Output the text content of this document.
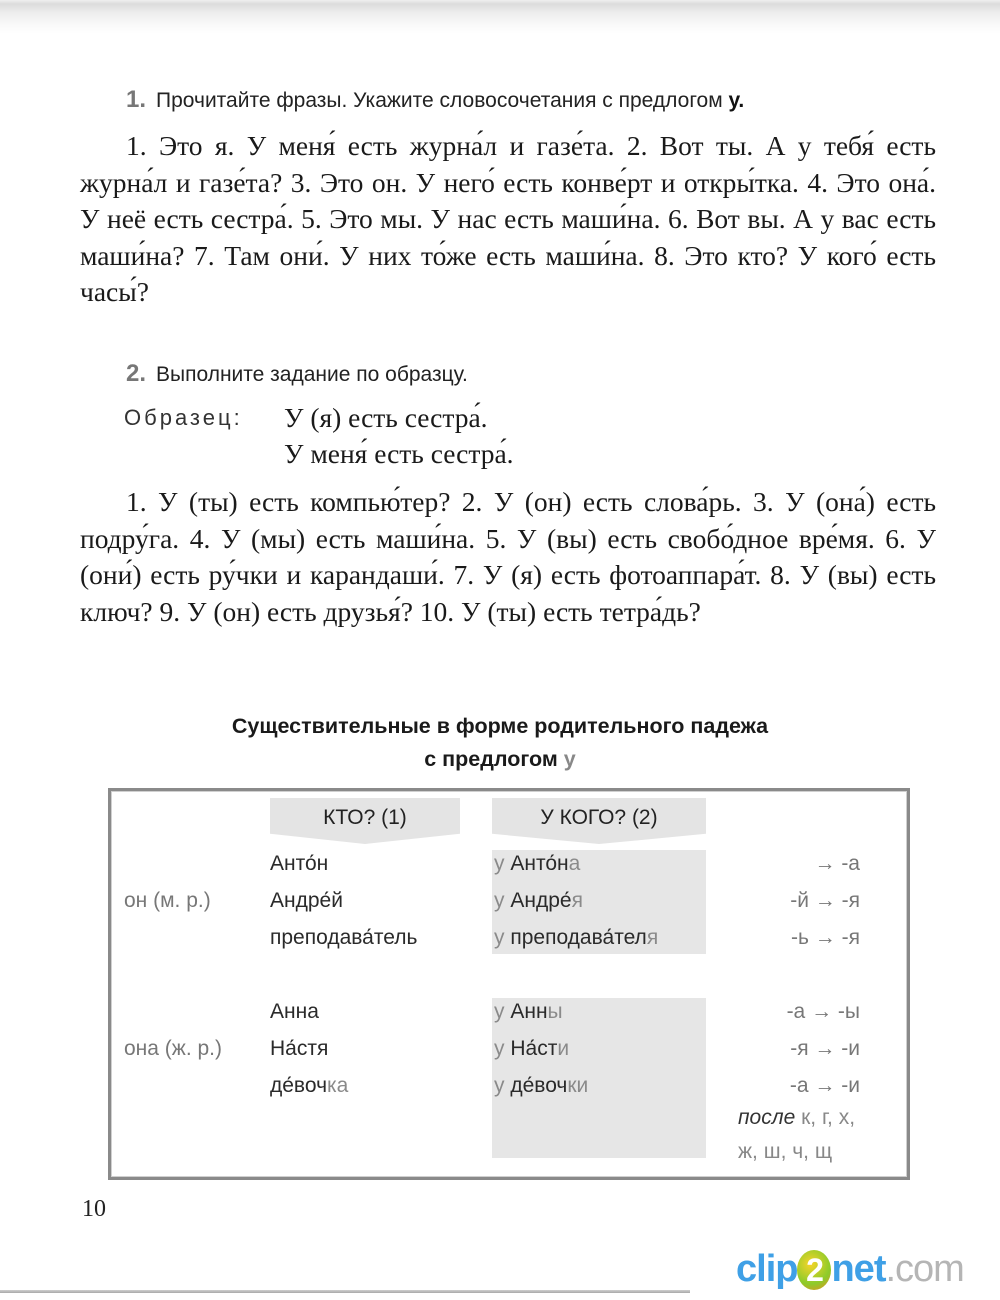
1. Прочитайте фразы. Укажите словосочетания с предлогом у.
1. Это я. У меня́ есть журна́л и газе́та. 2. Вот ты. А у тебя́ есть журна́л и газе́та? 3. Это он. У него́ есть конве́рт и откры́тка. 4. Это она́. У неё есть сестра́. 5. Это мы. У нас есть маши́на. 6. Вот вы. А у вас есть маши́на? 7. Там они́. У них то́же есть маши́на. 8. Это кто? У кого́ есть часы́?
2. Выполните задание по образцу.
Образец: У (я) есть сестра́.
У меня́ есть сестра́.
1. У (ты) есть компью́тер? 2. У (он) есть слова́рь. 3. У (она́) есть подру́га. 4. У (мы) есть маши́на. 5. У (вы) есть свобо́дное вре́мя. 6. У (они́) есть ру́чки и карандаши́. 7. У (я) есть фотоаппара́т. 8. У (вы) есть ключ? 9. У (он) есть друзья́? 10. У (ты) есть тетра́дь?
Существительные в форме родительного падежа
с предлогом у
КТО? (1)	У КОГО? (2)
он (м. р.)
Анто́н	у Анто́на	→ -а
Андре́й	у Андре́я	-й → -я
преподава́тель	у преподава́теля	-ь → -я
она (ж. р.)
Анна	у Анны	-а → -ы
На́стя	у На́сти	-я → -и
де́вочка	у де́вочки	-а → -и
после к, г, х,
ж, ш, ч, щ
10
clip 2 net.com
